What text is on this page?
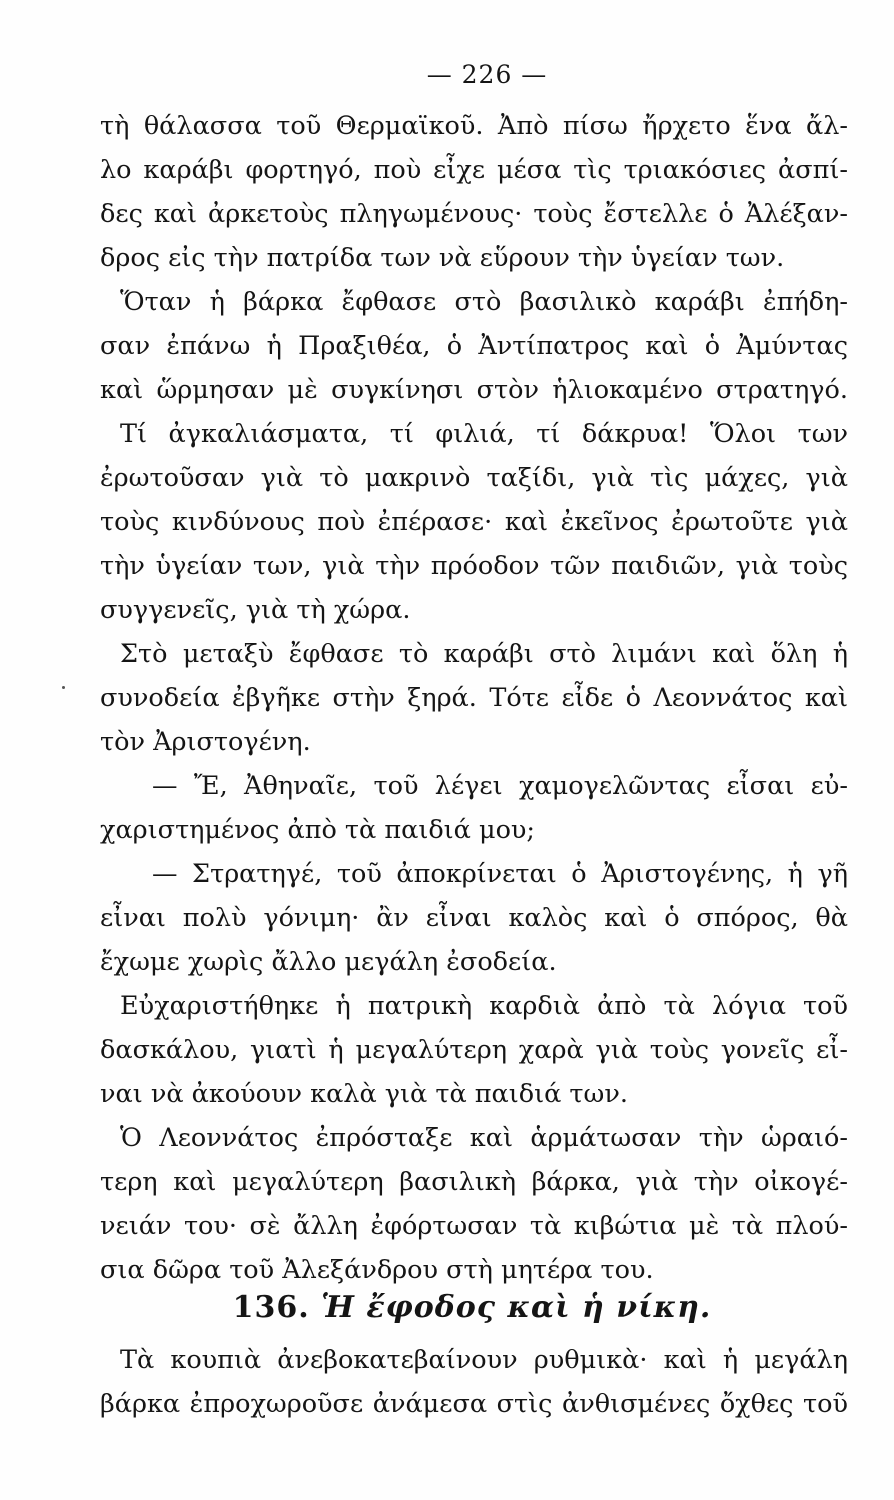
— 226 —
τὴ θάλασσα τοῦ Θερμαϊκοῦ. Ἀπὸ πίσω ἤρχετο ἕνα ἄλ-
λο καράβι φορτηγό, ποὺ εἶχε μέσα τὶς τριακόσιες ἀσπί-
δες καὶ ἀρκετοὺς πληγωμένους· τοὺς ἔστελλε ὁ Ἀλέξαν-
δρος εἰς τὴν πατρίδα των νὰ εὕρουν τὴν ὑγείαν των.
Ὅταν ἡ βάρκα ἔφθασε στὸ βασιλικὸ καράβι ἐπήδη-
σαν ἐπάνω ἡ Πραξιθέα, ὁ Ἀντίπατρος καὶ ὁ Ἀμύντας
καὶ ὥρμησαν μὲ συγκίνησι στὸν ἡλιοκαμένο στρατηγό.
Τί ἀγκαλιάσματα, τί φιλιά, τί δάκρυα! Ὅλοι των
ἐρωτοῦσαν γιὰ τὸ μακρινὸ ταξίδι, γιὰ τὶς μάχες, γιὰ
τοὺς κινδύνους ποὺ ἐπέρασε· καὶ ἐκεῖνος ἐρωτοῦτε γιὰ
τὴν ὑγείαν των, γιὰ τὴν πρόοδον τῶν παιδιῶν, γιὰ τοὺς
συγγενεῖς, γιὰ τὴ χώρα.
Στὸ μεταξὺ ἔφθασε τὸ καράβι στὸ λιμάνι καὶ ὅλη ἡ
συνοδεία ἐβγῆκε στὴν ξηρά. Τότε εἶδε ὁ Λεοννάτος καὶ
τὸν Ἀριστογένη.
— Ἔ, Ἀθηναῖε, τοῦ λέγει χαμογελῶντας εἶσαι εὐ-
χαριστημένος ἀπὸ τὰ παιδιά μου;
— Στρατηγέ, τοῦ ἀποκρίνεται ὁ Ἀριστογένης, ἡ γῆ
εἶναι πολὺ γόνιμη· ἂν εἶναι καλὸς καὶ ὁ σπόρος, θὰ
ἔχωμε χωρὶς ἄλλο μεγάλη ἐσοδεία.
Εὐχαριστήθηκε ἡ πατρικὴ καρδιὰ ἀπὸ τὰ λόγια τοῦ
δασκάλου, γιατὶ ἡ μεγαλύτερη χαρὰ γιὰ τοὺς γονεῖς εἶ-
ναι νὰ ἀκούουν καλὰ γιὰ τὰ παιδιά των.
Ὁ Λεοννάτος ἐπρόσταξε καὶ ἁρμάτωσαν τὴν ὡραιό-
τερη καὶ μεγαλύτερη βασιλικὴ βάρκα, γιὰ τὴν οἰκογέ-
νειάν του· σὲ ἄλλη ἐφόρτωσαν τὰ κιβώτια μὲ τὰ πλού-
σια δῶρα τοῦ Ἀλεξάνδρου στὴ μητέρα του.
136. Ἡ ἔφοδος καὶ ἡ νίκη.
Τὰ κουπιὰ ἀνεβοκατεβαίνουν ρυθμικὰ· καὶ ἡ μεγάλη
βάρκα ἐπροχωροῦσε ἀνάμεσα στὶς ἀνθισμένες ὄχθες τοῦ
